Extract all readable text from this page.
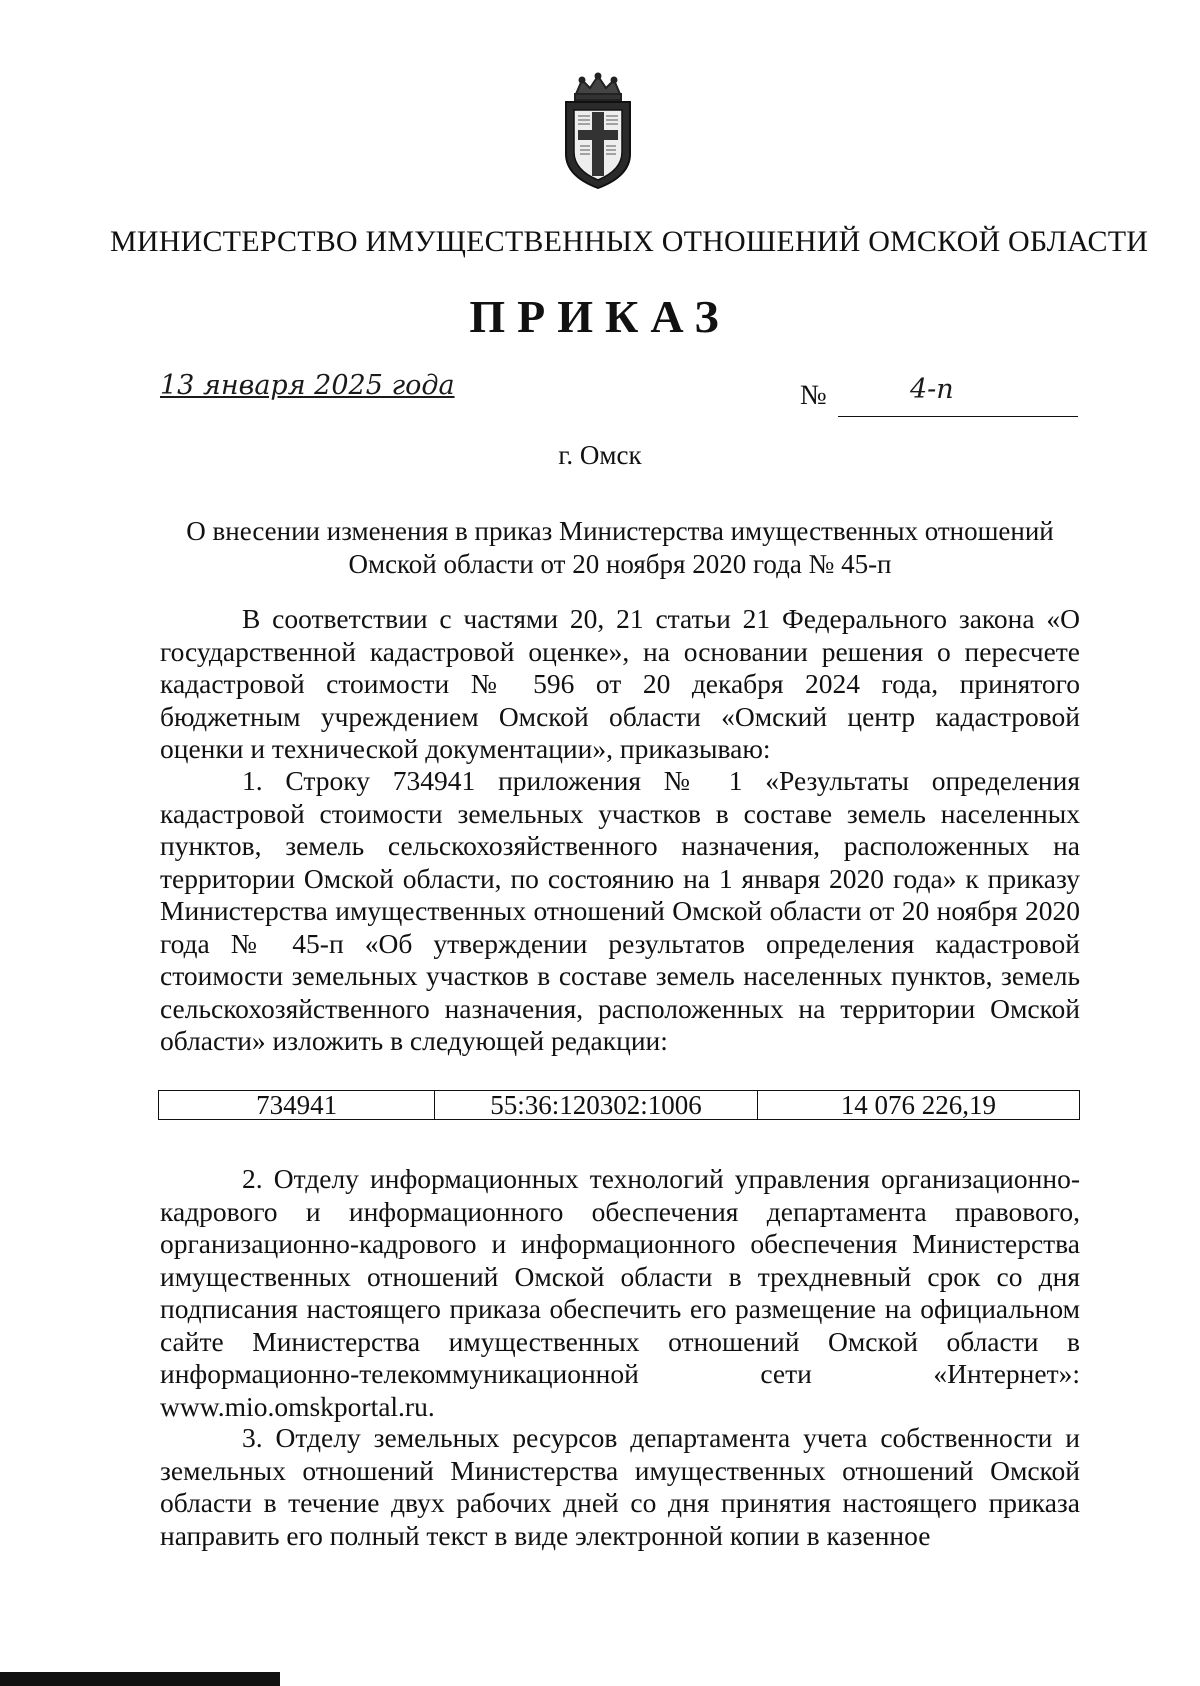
МИНИСТЕРСТВО ИМУЩЕСТВЕННЫХ ОТНОШЕНИЙ ОМСКОЙ ОБЛАСТИ
ПРИКАЗ
13 января 2025 года	№	4-п
г. Омск
О внесении изменения в приказ Министерства имущественных отношений
Омской области от 20 ноября 2020 года № 45-п

В соответствии с частями 20, 21 статьи 21 Федерального закона «О государственной кадастровой оценке», на основании решения о пересчете кадастровой стоимости № 596 от 20 декабря 2024 года, принятого бюджетным учреждением Омской области «Омский центр кадастровой оценки и технической документации», приказываю:

1. Строку 734941 приложения № 1 «Результаты определения кадастровой стоимости земельных участков в составе земель населенных пунктов, земель сельскохозяйственного назначения, расположенных на территории Омской области, по состоянию на 1 января 2020 года» к приказу Министерства имущественных отношений Омской области от 20 ноября 2020 года № 45-п «Об утверждении результатов определения кадастровой стоимости земельных участков в составе земель населенных пунктов, земель сельскохозяйственного назначения, расположенных на территории Омской области» изложить в следующей редакции:

734941	55:36:120302:1006	14 076 226,19

2. Отделу информационных технологий управления организационно-кадрового и информационного обеспечения департамента правового, организационно-кадрового и информационного обеспечения Министерства имущественных отношений Омской области в трехдневный срок со дня подписания настоящего приказа обеспечить его размещение на официальном сайте Министерства имущественных отношений Омской области в информационно-телекоммуникационной сети «Интернет»: www.mio.omskportal.ru.

3. Отделу земельных ресурсов департамента учета собственности и земельных отношений Министерства имущественных отношений Омской области в течение двух рабочих дней со дня принятия настоящего приказа направить его полный текст в виде электронной копии в казенное
